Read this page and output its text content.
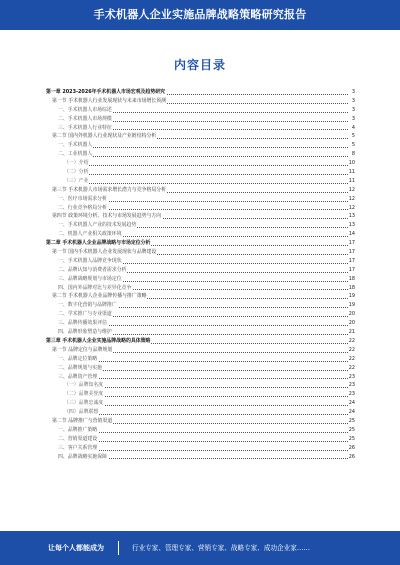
手术机器人企业实施品牌战略策略研究报告
内容目录
第一章 2023-2026年手术机器人市场宏观及趋势研究	3
第一节 手术机器人行业发展现状与未来市场增长预测	3
一、手术机器人市场综述	3
二、手术机器人市场规模	3
三、手术机器人行业特征	4
第二节 国内外机器人行业现状及产业链结构分析	5
一、手术机器人	5
二、工业机器人	8
（一）介绍	10
（二）分析	11
（三）产业	11
第三节 手术机器人市场需求增长潜力与竞争格局分析	12
一、医疗市场需求分析	12
二、行业竞争格局分析	12
第四节 政策环境分析、技术与市场发展趋势与方向	13
一、手术机器人产业的技术发展趋势	13
二、机器人产业相关政策环境	14
第二章 手术机器人企业品牌战略与市场定位分析	17
第一节 国内手术机器人企业发展现状与品牌建设	17
一、手术机器人品牌竞争现状	17
二、品牌认知与消费者需求分析	17
三、品牌战略规划与市场定位	18
四、国内外品牌对比与差异化竞争	18
第二节 手术机器人企业品牌传播与推广策略	19
一、数字化营销与品牌推广	19
二、学术推广与专业渠道	20
三、品牌传播效果评估	20
四、品牌形象塑造与维护	21
第三章 手术机器人企业实施品牌战略的具体策略	22
第一节 品牌定位与品牌规划	22
一、品牌定位策略	22
二、品牌规划与实施	22
三、品牌资产管理	23
（一）品牌知名度	23
（二）品牌美誉度	23
（三）品牌忠诚度	24
（四）品牌联想	24
第二节 品牌推广与营销渠道	25
一、品牌推广策略	25
二、营销渠道建设	25
三、客户关系管理	26
四、品牌战略实施保障	26
让每个人都能成为	行业专家、管理专家、营销专家、战略专家、成功企业家……
